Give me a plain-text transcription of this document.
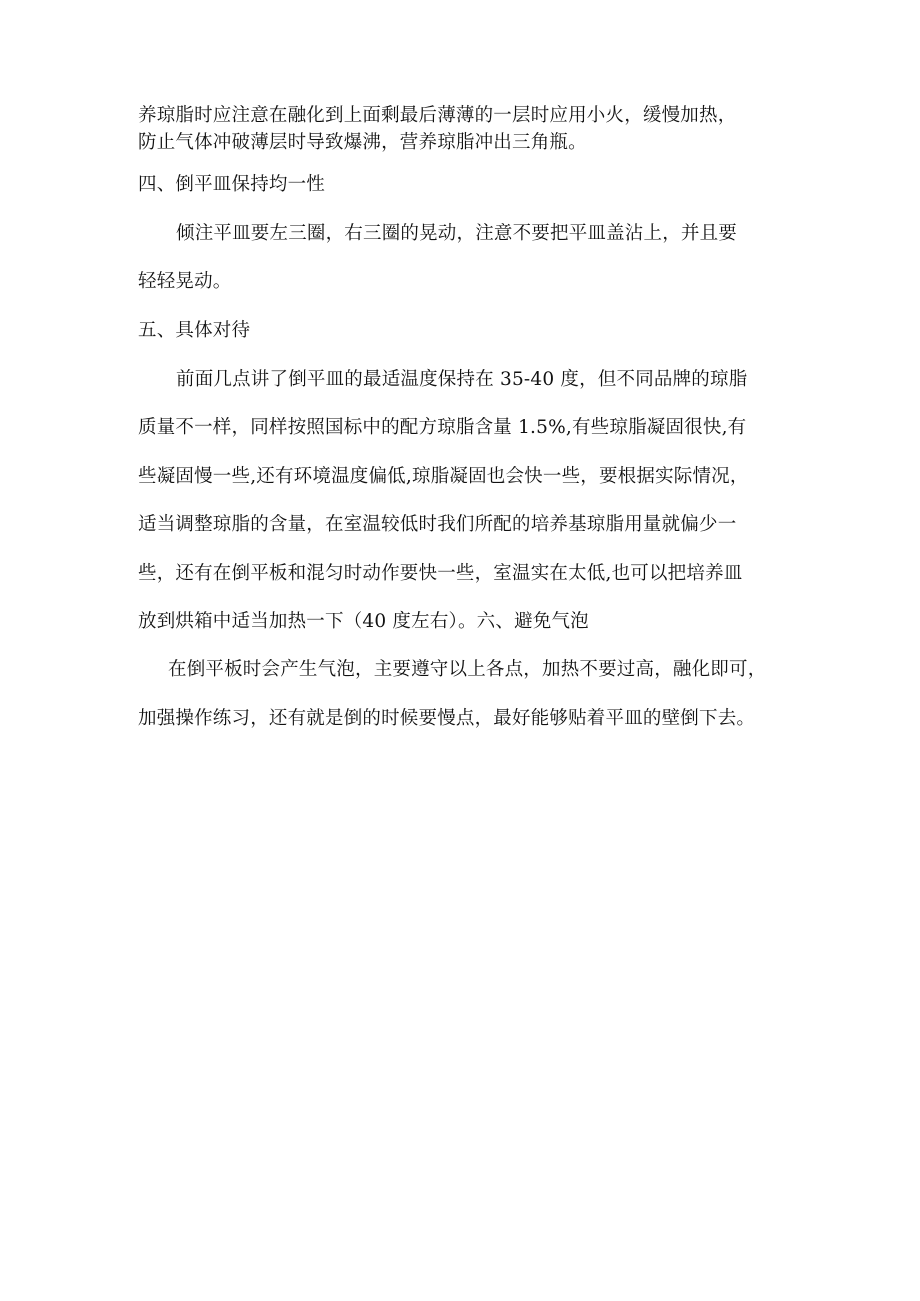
养琼脂时应注意在融化到上面剩最后薄薄的一层时应用小火，缓慢加热，
防止气体冲破薄层时导致爆沸，营养琼脂冲出三角瓶。
四、倒平皿保持均一性
倾注平皿要左三圈，右三圈的晃动，注意不要把平皿盖沾上，并且要
轻轻晃动。
五、具体对待
前面几点讲了倒平皿的最适温度保持在 35-40 度，但不同品牌的琼脂
质量不一样，同样按照国标中的配方琼脂含量 1.5%,有些琼脂凝固很快,有
些凝固慢一些,还有环境温度偏低,琼脂凝固也会快一些，要根据实际情况，
适当调整琼脂的含量，在室温较低时我们所配的培养基琼脂用量就偏少一
些，还有在倒平板和混匀时动作要快一些，室温实在太低,也可以把培养皿
放到烘箱中适当加热一下（40 度左右）。六、避免气泡
在倒平板时会产生气泡，主要遵守以上各点，加热不要过高，融化即可，
加强操作练习，还有就是倒的时候要慢点，最好能够贴着平皿的壁倒下去。
